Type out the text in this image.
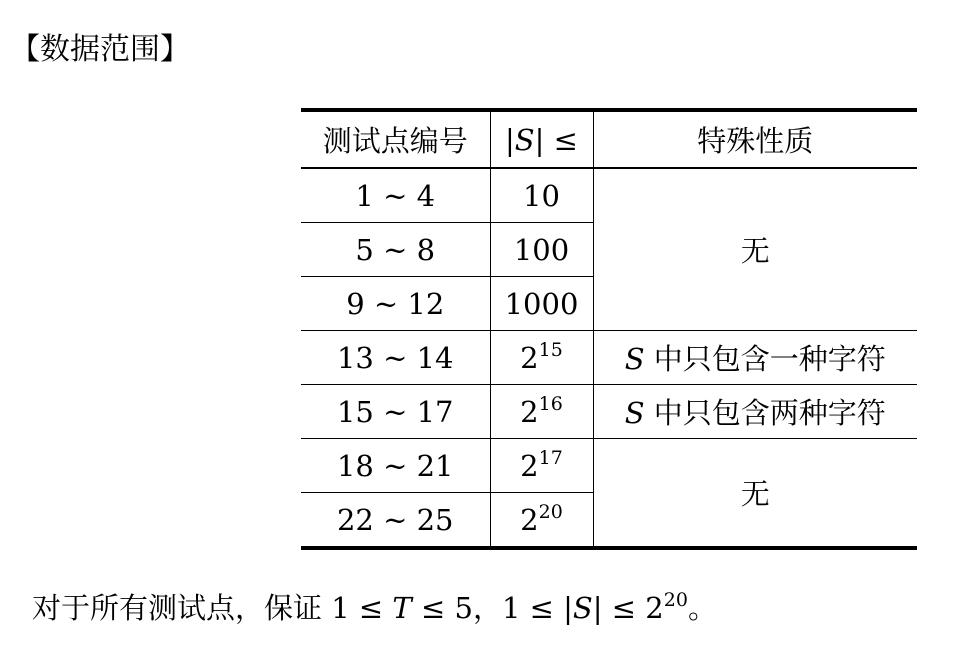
【数据范围】
测试点编号	|S| ≤	特殊性质
1 ~ 4	10	无
5 ~ 8	100	
9 ~ 12	1000	
13 ~ 14	$2^{15}$	S 中只包含一种字符
15 ~ 17	$2^{16}$	S 中只包含两种字符
18 ~ 21	$2^{17}$	无
22 ~ 25	$2^{20}$
对于所有测试点，保证 1 ≤ T ≤ 5，$1 \le |S| \le 2^{20}$。
